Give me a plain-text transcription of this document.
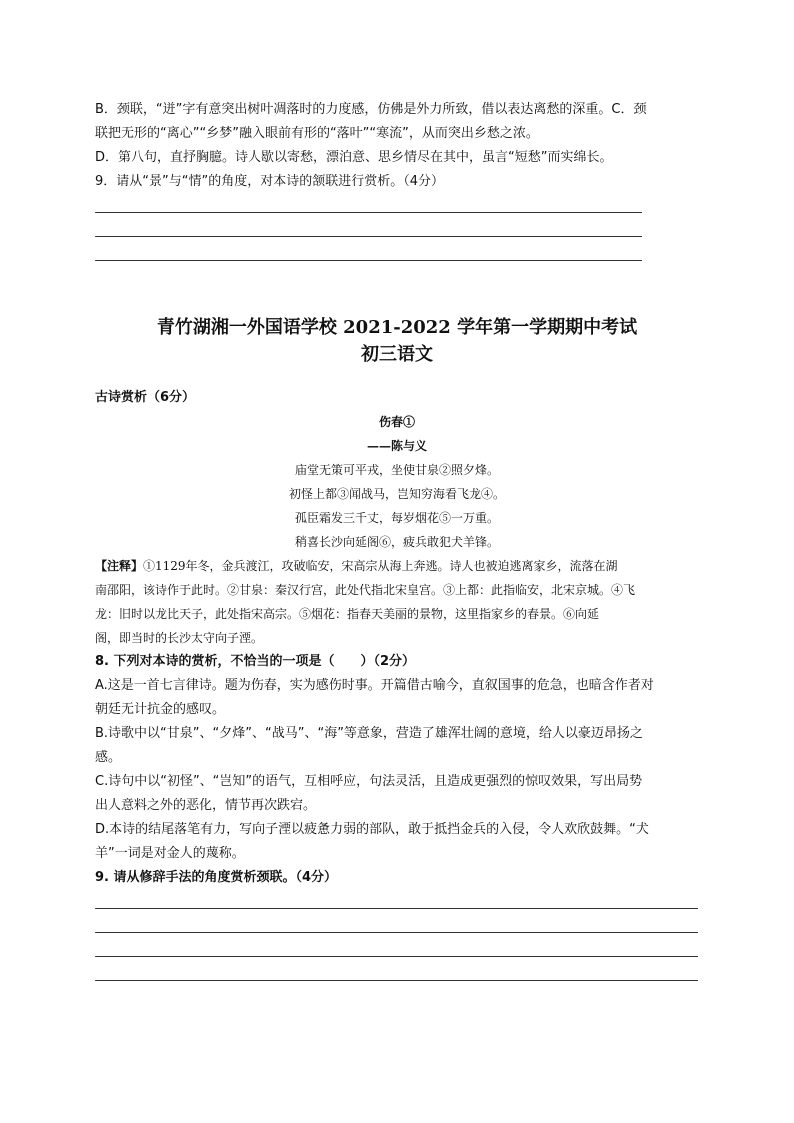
B．颈联，“迸”字有意突出树叶凋落时的力度感，仿佛是外力所致，借以表达离愁的深重。C．颈
联把无形的“离心”“乡梦”融入眼前有形的“落叶”“寒流”，从而突出乡愁之浓。
D．第八句，直抒胸臆。诗人歇以寄愁，漂泊意、思乡情尽在其中，虽言“短愁”而实绵长。
9．请从“景”与“情”的角度，对本诗的颔联进行赏析。（4分）
青竹湖湘一外国语学校 2021-2022 学年第一学期期中考试
初三语文
古诗赏析（6分）
伤春①
——陈与义
庙堂无策可平戎，坐使甘泉②照夕烽。
初怪上都③闻战马，岂知穷海看飞龙④。
孤臣霜发三千丈，每岁烟花⑤一万重。
稍喜长沙向延阁⑥，疲兵敢犯犬羊锋。
【注释】①1129年冬，金兵渡江，攻破临安，宋高宗从海上奔逃。诗人也被迫逃离家乡，流落在湖
南邵阳，该诗作于此时。②甘泉：秦汉行宫，此处代指北宋皇宫。③上都：此指临安，北宋京城。④飞
龙：旧时以龙比天子，此处指宋高宗。⑤烟花：指春天美丽的景物，这里指家乡的春景。⑥向延
阁，即当时的长沙太守向子湮。
8. 下列对本诗的赏析，不恰当的一项是（　　）（2分）
A.这是一首七言律诗。题为伤春，实为感伤时事。开篇借古喻今，直叙国事的危急，也暗含作者对
朝廷无计抗金的感叹。
B.诗歌中以“甘泉”、“夕烽”、“战马”、“海”等意象，营造了雄浑壮阔的意境，给人以豪迈昂扬之
感。
C.诗句中以“初怪”、“岂知”的语气，互相呼应，句法灵活，且造成更强烈的惊叹效果，写出局势
出人意料之外的恶化，情节再次跌宕。
D.本诗的结尾落笔有力，写向子湮以疲惫力弱的部队，敢于抵挡金兵的入侵，令人欢欣鼓舞。“犬
羊”一词是对金人的蔑称。
9. 请从修辞手法的角度赏析颈联。（4分）
